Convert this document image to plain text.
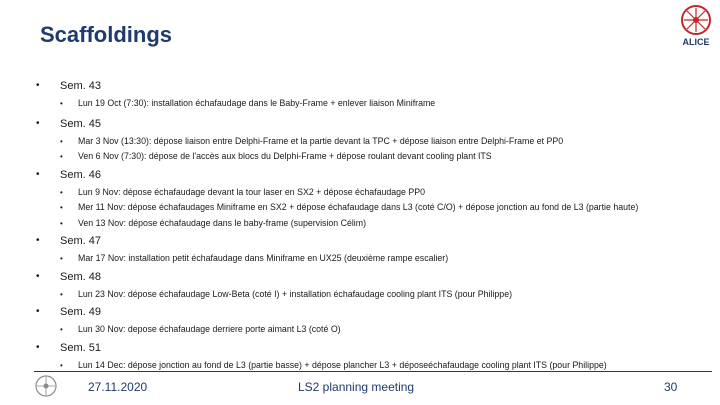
Scaffoldings	ALICE

• Sem. 43

• Lun 19 Oct (7:30): installation échafaudage dans le Baby-Frame + enlever liaison Miniframe

• Sem. 45

• Mar 3 Nov (13:30): dépose liaison entre Delphi-Frame et la partie devant la TPC + dépose liaison entre Delphi-Frame et PP0

• Ven 6 Nov (7:30): dépose de l'accès aux blocs du Delphi-Frame + dépose roulant devant cooling plant ITS

• Sem. 46

• Lun 9 Nov: dépose échafaudage devant la tour laser en SX2 + dépose échafaudage PP0

• Mer 11 Nov: dépose échafaudages Miniframe en SX2 + dépose échafaudage dans L3 (coté C/O) + dépose jonction au fond de L3 (partie haute)

• Ven 13 Nov: dépose échafaudage dans le baby-frame (supervision Célim)

• Sem. 47

• Mar 17 Nov: installation petit échafaudage dans Miniframe en UX25 (deuxième rampe escalier)

• Sem. 48

• Lun 23 Nov: dépose échafaudage Low-Beta (coté I) + installation échafaudage cooling plant ITS (pour Philippe)

• Sem. 49

• Lun 30 Nov: depose échafaudage derriere porte aimant L3 (coté O)

• Sem. 51

• Lun 14 Dec: dépose jonction au fond de L3 (partie basse) + dépose plancher L3 + déposeéchafaudage cooling plant ITS (pour Philippe)

27.11.2020	LS2 planning meeting	30
